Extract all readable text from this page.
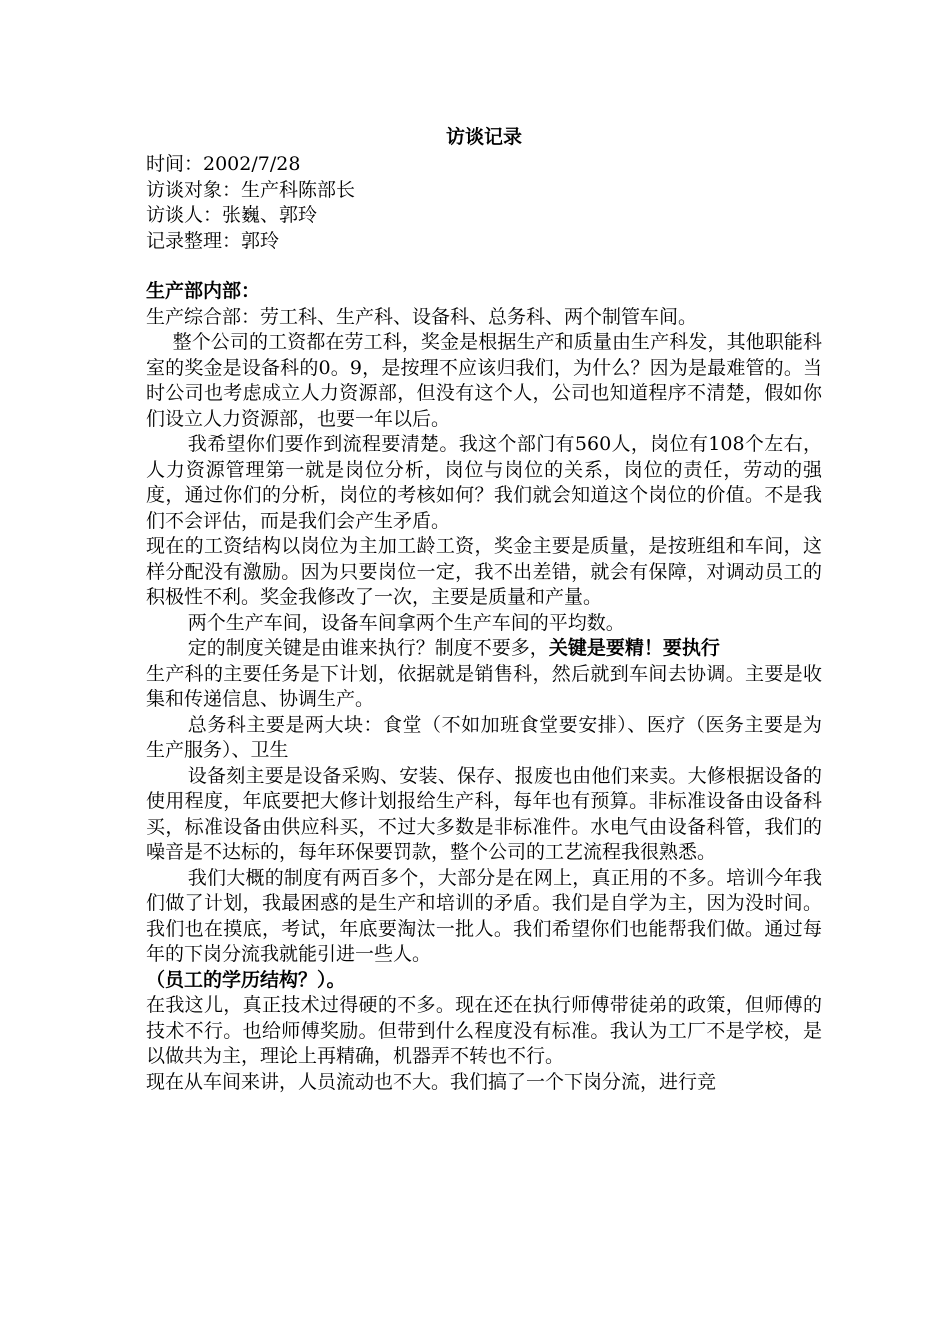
访谈记录
时间：2002/7/28
访谈对象：生产科陈部长
访谈人：张巍、郭玲
记录整理：郭玲
生产部内部：

生产综合部：劳工科、生产科、设备科、总务科、两个制管车间。

整个公司的工资都在劳工科，奖金是根据生产和质量由生产科发，其他职能科室的奖金是设备科的0。9，是按理不应该归我们，为什么？因为是最难管的。当时公司也考虑成立人力资源部，但没有这个人，公司也知道程序不清楚，假如你们设立人力资源部，也要一年以后。

我希望你们要作到流程要清楚。我这个部门有560人，岗位有108个左右，人力资源管理第一就是岗位分析，岗位与岗位的关系，岗位的责任，劳动的强度，通过你们的分析，岗位的考核如何？我们就会知道这个岗位的价值。不是我们不会评估，而是我们会产生矛盾。

现在的工资结构以岗位为主加工龄工资，奖金主要是质量，是按班组和车间，这样分配没有激励。因为只要岗位一定，我不出差错，就会有保障，对调动员工的积极性不利。奖金我修改了一次，主要是质量和产量。

两个生产车间，设备车间拿两个生产车间的平均数。

定的制度关键是由谁来执行？制度不要多，关键是要精！要执行

生产科的主要任务是下计划，依据就是销售科，然后就到车间去协调。主要是收集和传递信息、协调生产。

总务科主要是两大块：食堂（不如加班食堂要安排）、医疗（医务主要是为生产服务）、卫生

设备刻主要是设备采购、安装、保存、报废也由他们来卖。大修根据设备的使用程度，年底要把大修计划报给生产科，每年也有预算。非标准设备由设备科买，标准设备由供应科买，不过大多数是非标准件。水电气由设备科管，我们的噪音是不达标的，每年环保要罚款，整个公司的工艺流程我很熟悉。

我们大概的制度有两百多个，大部分是在网上，真正用的不多。培训今年我们做了计划，我最困惑的是生产和培训的矛盾。我们是自学为主，因为没时间。我们也在摸底，考试，年底要淘汰一批人。我们希望你们也能帮我们做。通过每年的下岗分流我就能引进一些人。

（员工的学历结构？）。

在我这儿，真正技术过得硬的不多。现在还在执行师傅带徒弟的政策，但师傅的技术不行。也给师傅奖励。但带到什么程度没有标准。我认为工厂不是学校，是以做共为主，理论上再精确，机器弄不转也不行。

现在从车间来讲，人员流动也不大。我们搞了一个下岗分流，进行竞
